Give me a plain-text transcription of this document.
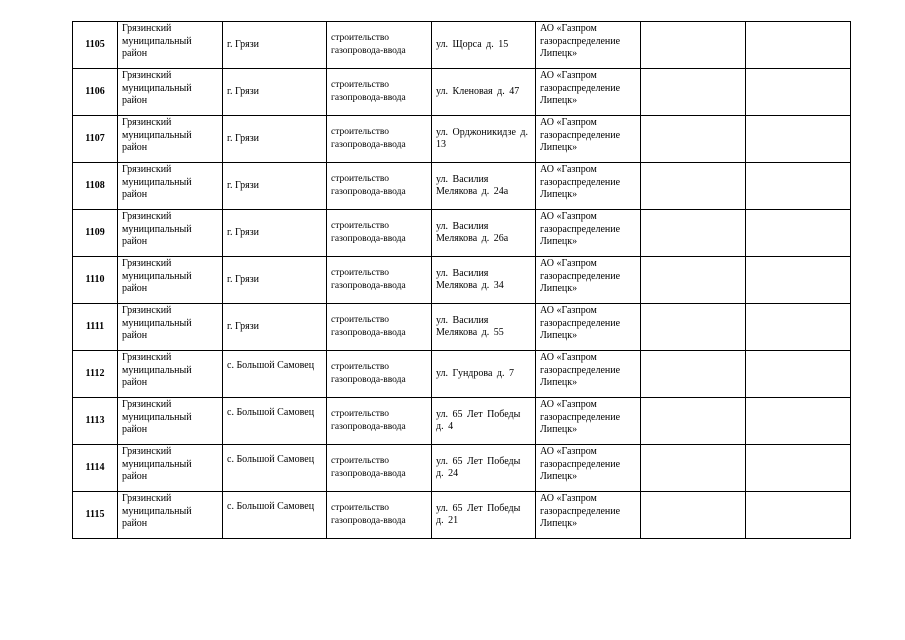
1105	Грязинский муниципальный район	г. Грязи	строительство газопровода-ввода	ул. Щорса д. 15	АО «Газпром газораспределение Липецк»		
1106	Грязинский муниципальный район	г. Грязи	строительство газопровода-ввода	ул. Кленовая д. 47	АО «Газпром газораспределение Липецк»		
1107	Грязинский муниципальный район	г. Грязи	строительство газопровода-ввода	ул. Орджоникидзе д. 13	АО «Газпром газораспределение Липецк»		
1108	Грязинский муниципальный район	г. Грязи	строительство газопровода-ввода	ул. Василия Мелякова д. 24а	АО «Газпром газораспределение Липецк»		
1109	Грязинский муниципальный район	г. Грязи	строительство газопровода-ввода	ул. Василия Мелякова д. 26а	АО «Газпром газораспределение Липецк»		
1110	Грязинский муниципальный район	г. Грязи	строительство газопровода-ввода	ул. Василия Мелякова д. 34	АО «Газпром газораспределение Липецк»		
1111	Грязинский муниципальный район	г. Грязи	строительство газопровода-ввода	ул. Василия Мелякова д. 55	АО «Газпром газораспределение Липецк»		
1112	Грязинский муниципальный район	с. Большой Самовец	строительство газопровода-ввода	ул. Гундрова д. 7	АО «Газпром газораспределение Липецк»		
1113	Грязинский муниципальный район	с. Большой Самовец	строительство газопровода-ввода	ул. 65 Лет Победы д. 4	АО «Газпром газораспределение Липецк»		
1114	Грязинский муниципальный район	с. Большой Самовец	строительство газопровода-ввода	ул. 65 Лет Победы д. 24	АО «Газпром газораспределение Липецк»		
1115	Грязинский муниципальный район	с. Большой Самовец	строительство газопровода-ввода	ул. 65 Лет Победы д. 21	АО «Газпром газораспределение Липецк»		
